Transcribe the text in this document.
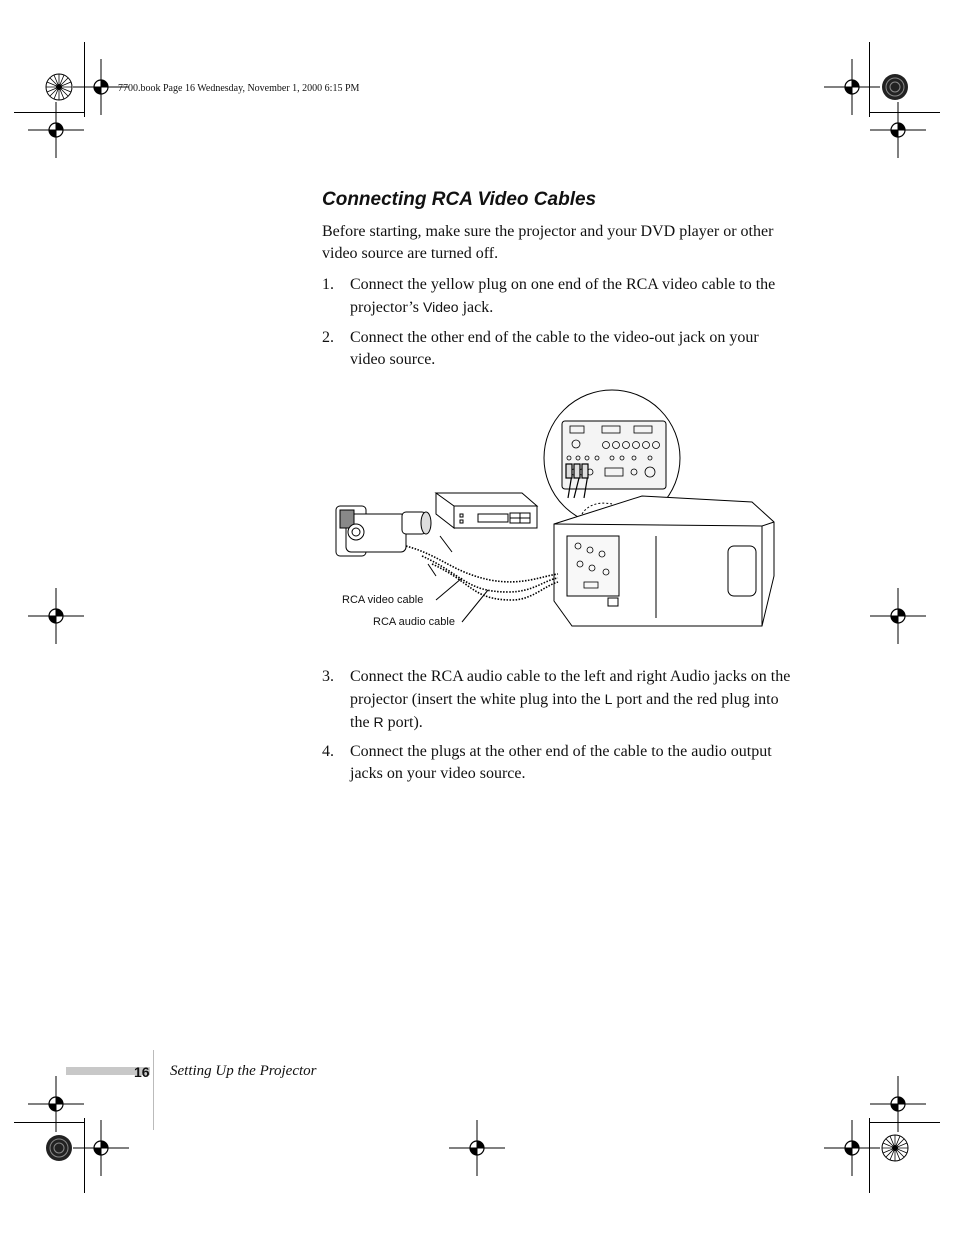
7700.book Page 16 Wednesday, November 1, 2000 6:15 PM
Connecting RCA Video Cables

Before starting, make sure the projector and your DVD player or other video source are turned off.

1.	Connect the yellow plug on one end of the RCA video cable to the projector’s Video jack.
2.	Connect the other end of the cable to the video-out jack on your video source.
RCA video cable
RCA audio cable
3.	Connect the RCA audio cable to the left and right Audio jacks on the projector (insert the white plug into the L port and the red plug into the R port).
4.	Connect the plugs at the other end of the cable to the audio output jacks on your video source.
16 Setting Up the Projector
